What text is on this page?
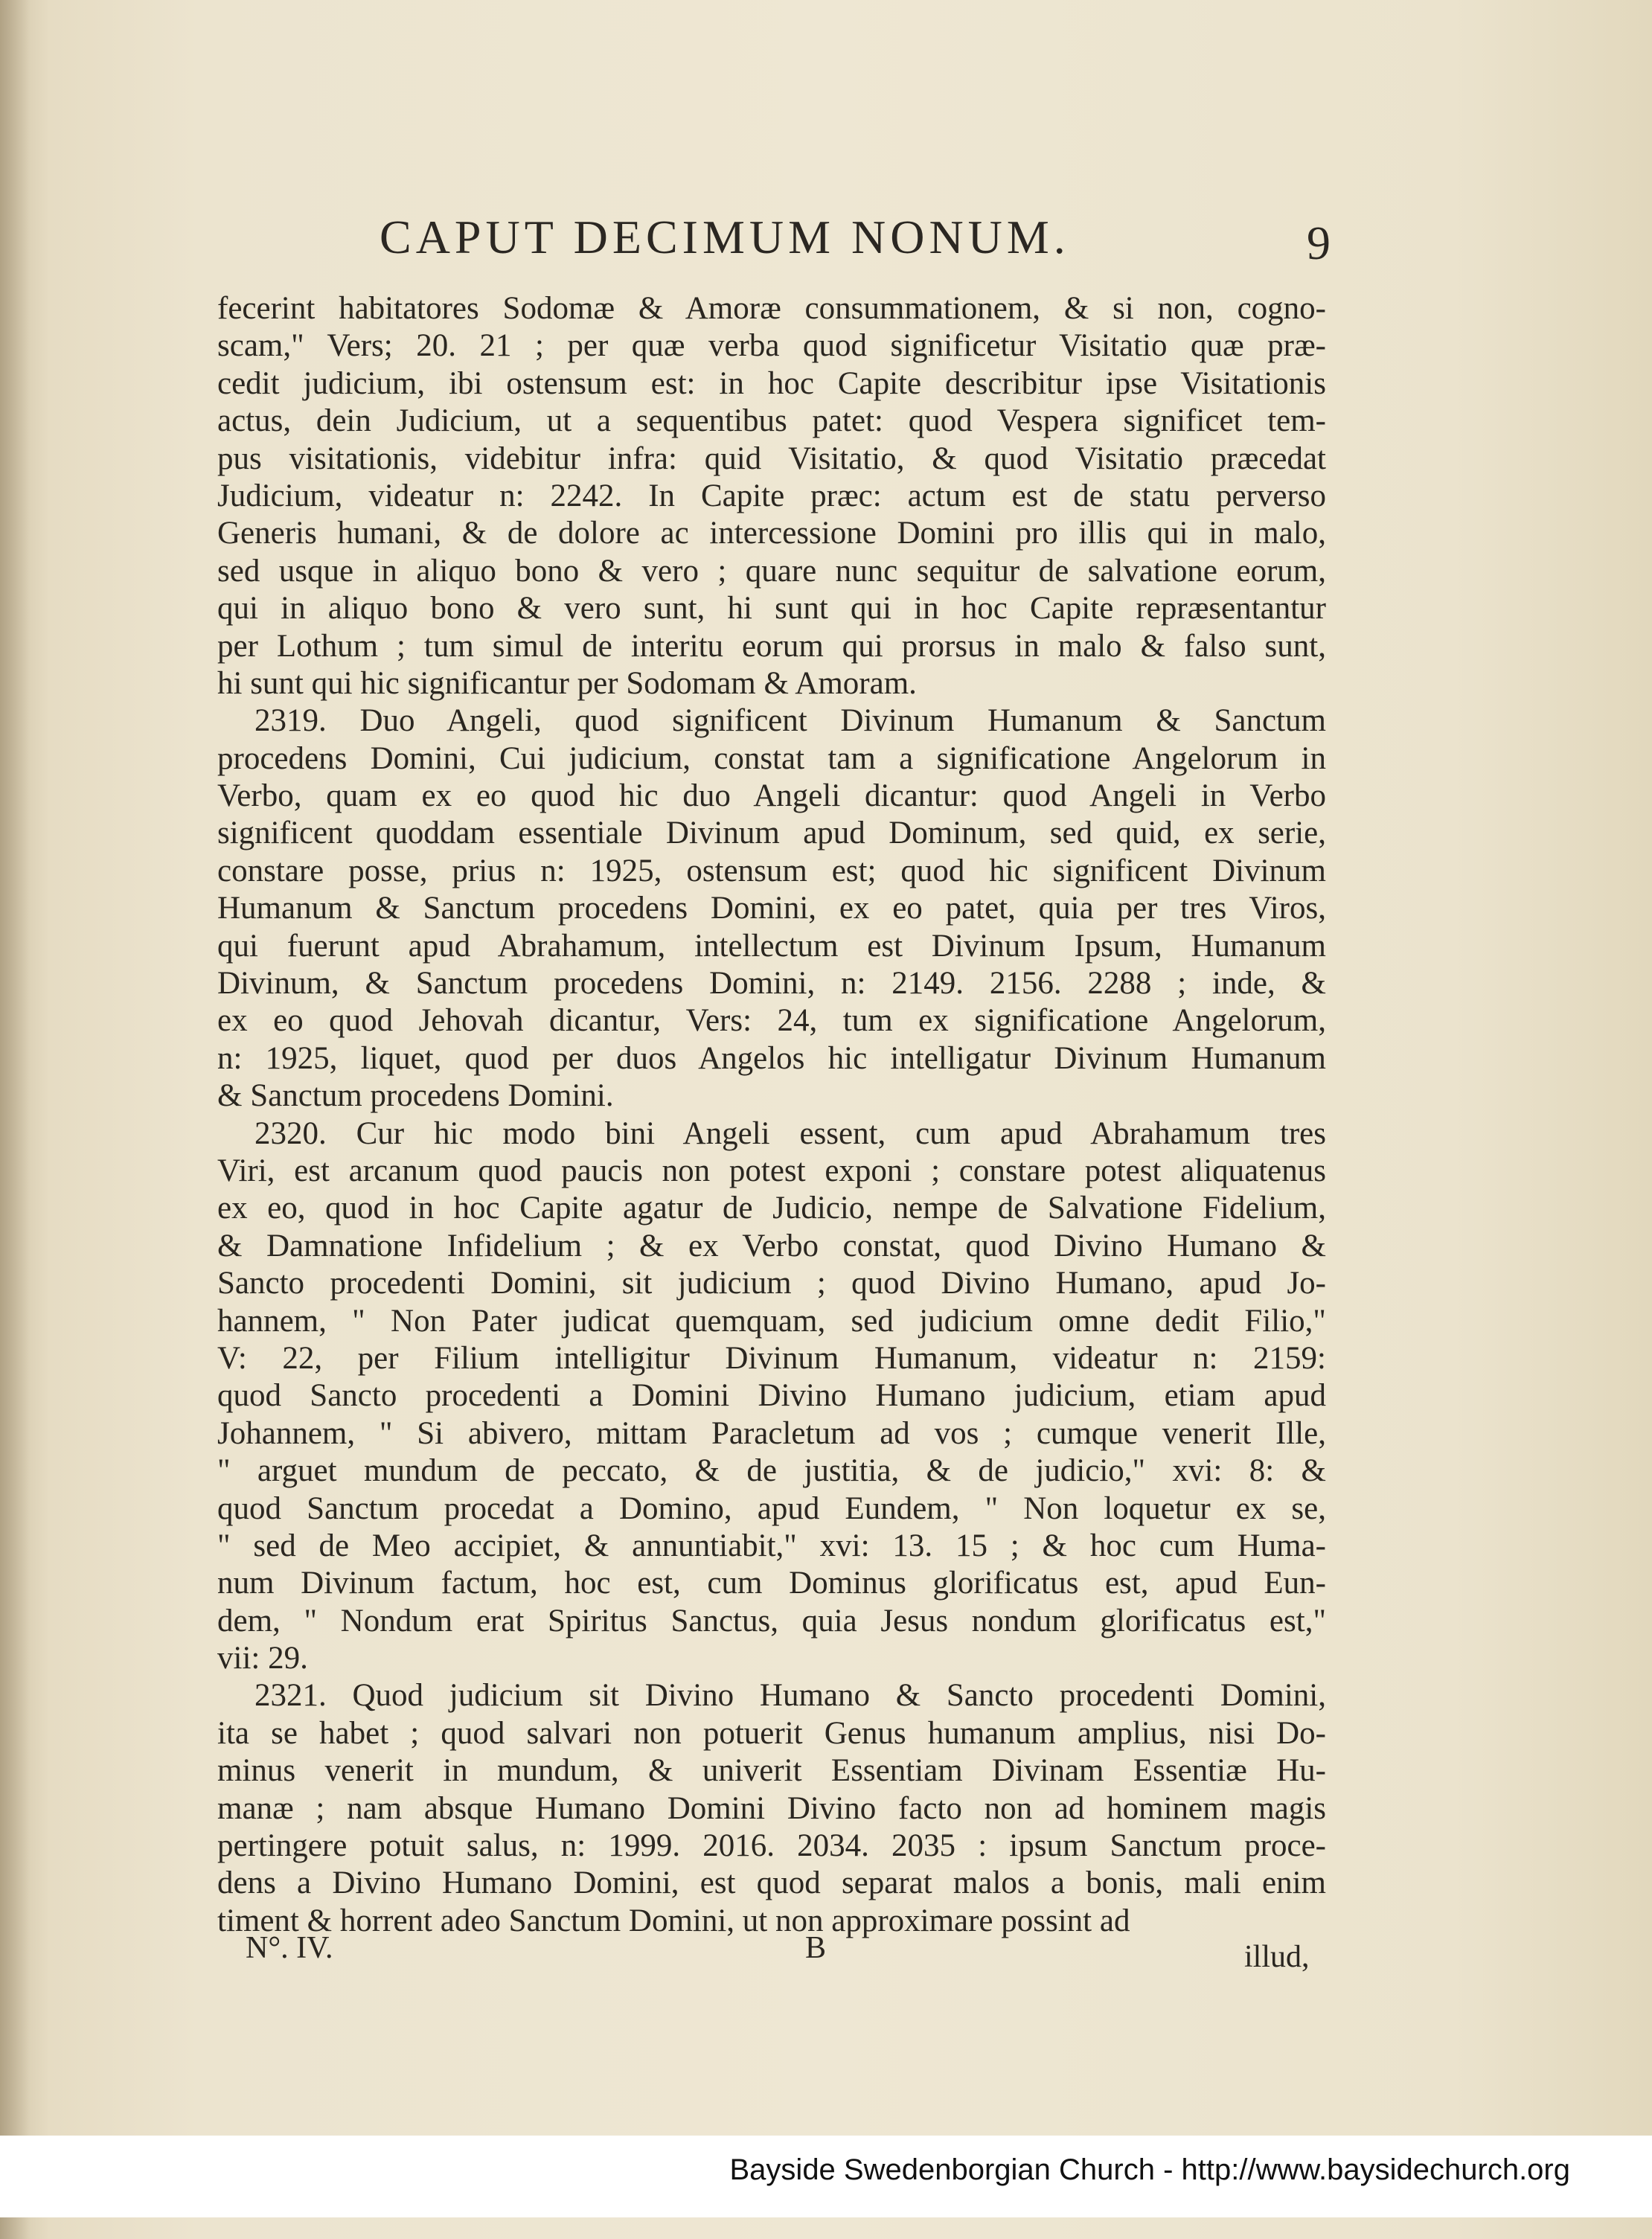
CAPUT DECIMUM NONUM.	9
fecerint habitatores Sodomæ & Amoræ consummationem, & si non, cogno-
scam," Vers; 20. 21 ; per quæ verba quod significetur Visitatio quæ præ-
cedit judicium, ibi ostensum est: in hoc Capite describitur ipse Visitationis
actus, dein Judicium, ut a sequentibus patet: quod Vespera significet tem-
pus visitationis, videbitur infra: quid Visitatio, & quod Visitatio præcedat
Judicium, videatur n: 2242. In Capite præc: actum est de statu perverso
Generis humani, & de dolore ac intercessione Domini pro illis qui in malo,
sed usque in aliquo bono & vero ; quare nunc sequitur de salvatione eorum,
qui in aliquo bono & vero sunt, hi sunt qui in hoc Capite repræsentantur
per Lothum ; tum simul de interitu eorum qui prorsus in malo & falso sunt,
hi sunt qui hic significantur per Sodomam & Amoram.
2319. Duo Angeli, quod significent Divinum Humanum & Sanctum
procedens Domini, Cui judicium, constat tam a significatione Angelorum in
Verbo, quam ex eo quod hic duo Angeli dicantur: quod Angeli in Verbo
significent quoddam essentiale Divinum apud Dominum, sed quid, ex serie,
constare posse, prius n: 1925, ostensum est; quod hic significent Divinum
Humanum & Sanctum procedens Domini, ex eo patet, quia per tres Viros,
qui fuerunt apud Abrahamum, intellectum est Divinum Ipsum, Humanum
Divinum, & Sanctum procedens Domini, n: 2149. 2156. 2288 ; inde, &
ex eo quod Jehovah dicantur, Vers: 24, tum ex significatione Angelorum,
n: 1925, liquet, quod per duos Angelos hic intelligatur Divinum Humanum
& Sanctum procedens Domini.
2320. Cur hic modo bini Angeli essent, cum apud Abrahamum tres
Viri, est arcanum quod paucis non potest exponi ; constare potest aliquatenus
ex eo, quod in hoc Capite agatur de Judicio, nempe de Salvatione Fidelium,
& Damnatione Infidelium ; & ex Verbo constat, quod Divino Humano &
Sancto procedenti Domini, sit judicium ; quod Divino Humano, apud Jo-
hannem, " Non Pater judicat quemquam, sed judicium omne dedit Filio,"
V: 22, per Filium intelligitur Divinum Humanum, videatur n: 2159:
quod Sancto procedenti a Domini Divino Humano judicium, etiam apud
Johannem, " Si abivero, mittam Paracletum ad vos ; cumque venerit Ille,
" arguet mundum de peccato, & de justitia, & de judicio," xvi: 8: &
quod Sanctum procedat a Domino, apud Eundem, " Non loquetur ex se,
" sed de Meo accipiet, & annuntiabit," xvi: 13. 15 ; & hoc cum Huma-
num Divinum factum, hoc est, cum Dominus glorificatus est, apud Eun-
dem, " Nondum erat Spiritus Sanctus, quia Jesus nondum glorificatus est,"
vii: 29.
2321. Quod judicium sit Divino Humano & Sancto procedenti Domini,
ita se habet ; quod salvari non potuerit Genus humanum amplius, nisi Do-
minus venerit in mundum, & univerit Essentiam Divinam Essentiæ Hu-
manæ ; nam absque Humano Domini Divino facto non ad hominem magis
pertingere potuit salus, n: 1999. 2016. 2034. 2035 : ipsum Sanctum proce-
dens a Divino Humano Domini, est quod separat malos a bonis, mali enim
timent & horrent adeo Sanctum Domini, ut non approximare possint ad
N°. IV.	B	illud,
Bayside Swedenborgian Church - http://www.baysidechurch.org
